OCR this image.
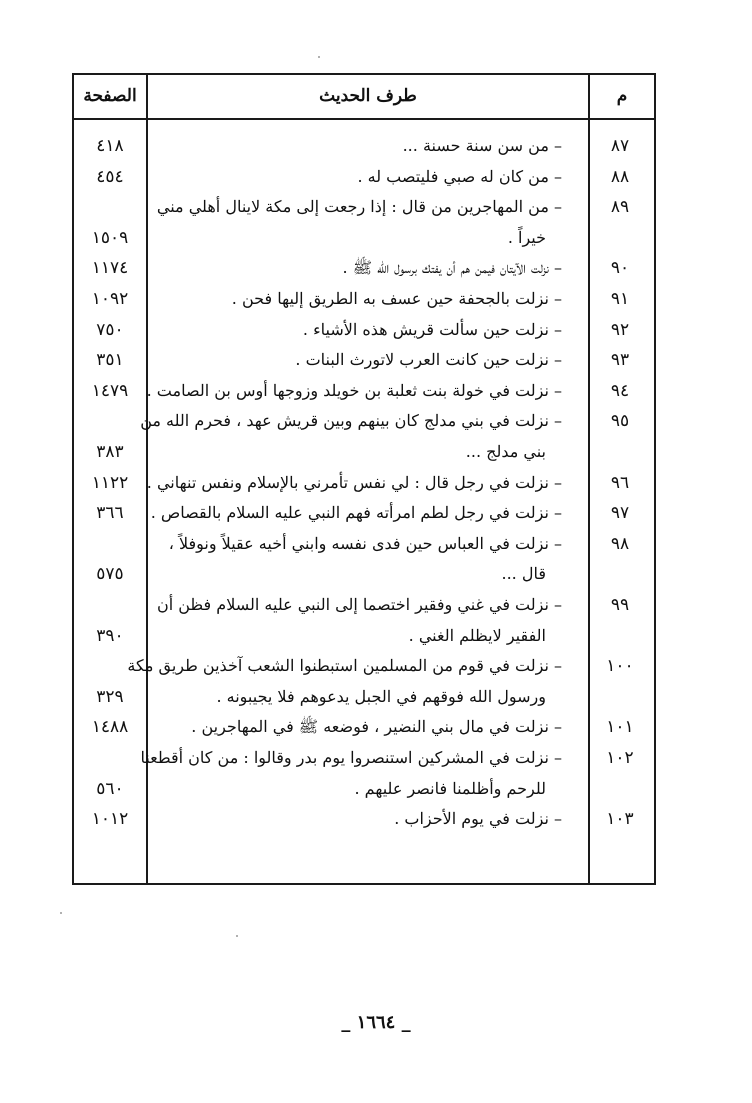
م
طرف الحديث
الصفحة
٨٧
– من سن سنة حسنة ...
٤١٨
٨٨
– من كان له صبي فليتصب له .
٤٥٤
٨٩
– من المهاجرين من قال : إذا رجعت إلى مكة لاينال أهلي مني
خيراً .
١٥٠٩
٩٠
– نزلت الآيتان فيمن هم أن يفتك برسول الله ﷺ .
١١٧٤
٩١
– نزلت بالجحفة حين عسف به الطريق إليها فحن .
١٠٩٢
٩٢
– نزلت حين سألت قريش هذه الأشياء .
٧٥٠
٩٣
– نزلت حين كانت العرب لاتورث البنات .
٣٥١
٩٤
– نزلت في خولة بنت ثعلبة بن خويلد وزوجها أوس بن الصامت .
١٤٧٩
٩٥
– نزلت في بني مدلج كان بينهم وبين قريش عهد ، فحرم الله من
بني مدلج ...
٣٨٣
٩٦
– نزلت في رجل قال : لي نفس تأمرني بالإسلام ونفس تنهاني .
١١٢٢
٩٧
– نزلت في رجل لطم امرأته فهم النبي عليه السلام بالقصاص .
٣٦٦
٩٨
– نزلت في العباس حين فدى نفسه وابني أخيه عقيلاً ونوفلاً ،
قال ...
٥٧٥
٩٩
– نزلت في غني وفقير اختصما إلى النبي عليه السلام فظن أن
الفقير لايظلم الغني .
٣٩٠
١٠٠
– نزلت في قوم من المسلمين استبطنوا الشعب آخذين طريق مكة
ورسول الله فوقهم في الجبل يدعوهم فلا يجيبونه .
٣٢٩
١٠١
– نزلت في مال بني النضير ، فوضعه ﷺ في المهاجرين .
١٤٨٨
١٠٢
– نزلت في المشركين استنصروا يوم بدر وقالوا : من كان أقطعنا
للرحم وأظلمنا فانصر عليهم .
٥٦٠
١٠٣
– نزلت في يوم الأحزاب .
١٠١٢
_ ١٦٦٤ _
